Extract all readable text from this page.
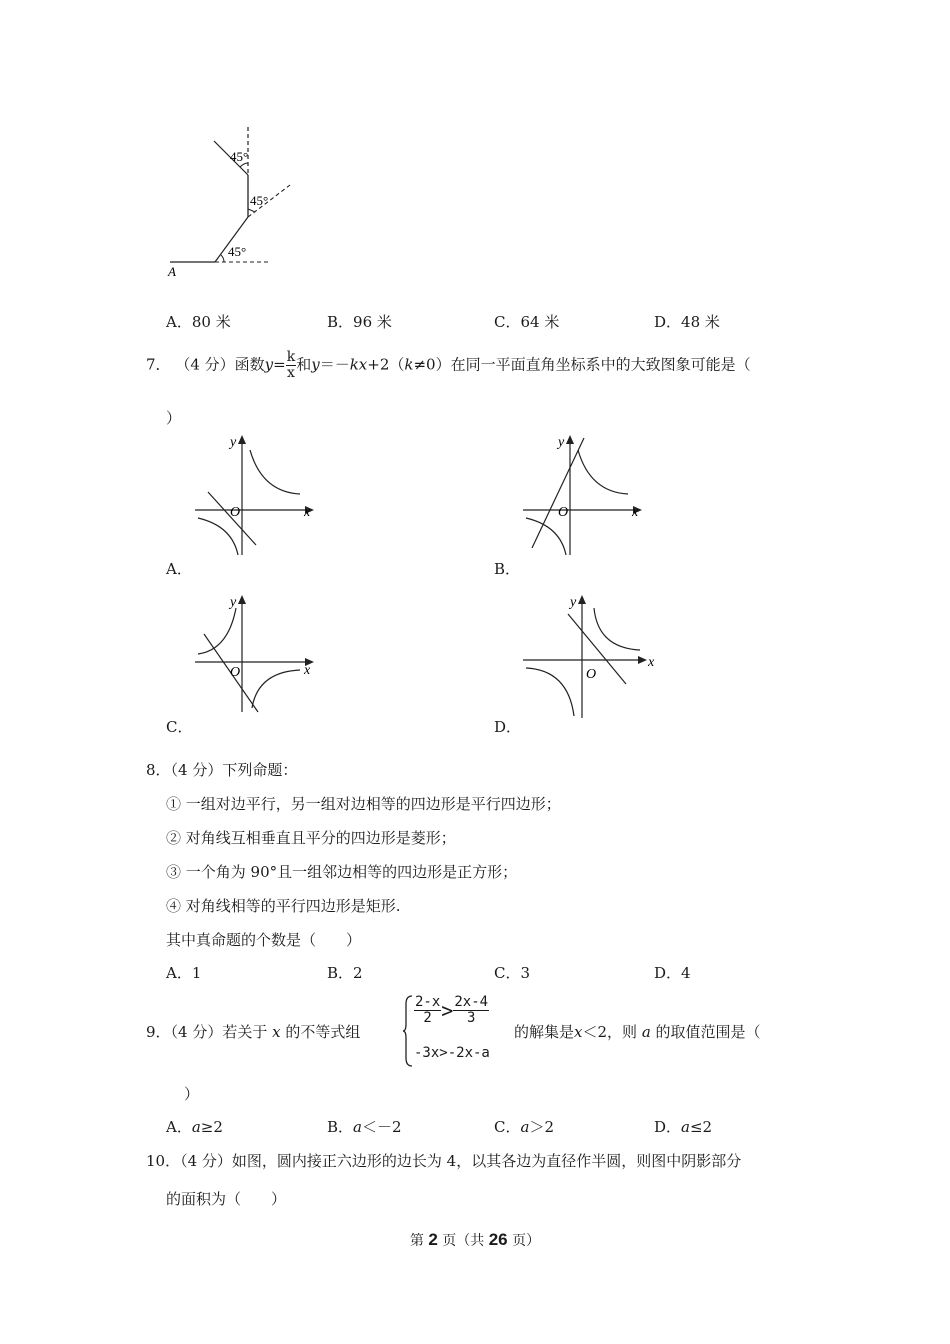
45°
45°
45°
A
A．80 米	B．96 米	C．64 米	D．48 米
7． （4 分）函数$y= \frac{k}{x}$ 和y＝－kx+2（k≠0）在同一平面直角坐标系中的大致图象可能是（
）
y
x
O
A．
y
x
O
B．
y
x
O
C．
y
x
O
D．
8．（4 分）下列命题：
① 一组对边平行，另一组对边相等的四边形是平行四边形；
② 对角线互相垂直且平分的四边形是菱形；
③ 一个角为 90°且一组邻边相等的四边形是正方形；
④ 对角线相等的平行四边形是矩形.
其中真命题的个数是（　　）
A．1	B．2	C．3	D．4
9．（4 分）若关于 x 的不等式组
$\frac{2-x}{2} > \frac{2x-4}{3}$
-3x>-2x-a
的解集是x＜2，则 a 的取值范围是（
）
A．a≥2	B．a＜－2	C．a＞2	D．a≤2
10．（4 分）如图，圆内接正六边形的边长为 4，以其各边为直径作半圆，则图中阴影部分
的面积为（　　）
第 2 页（共 26 页）
